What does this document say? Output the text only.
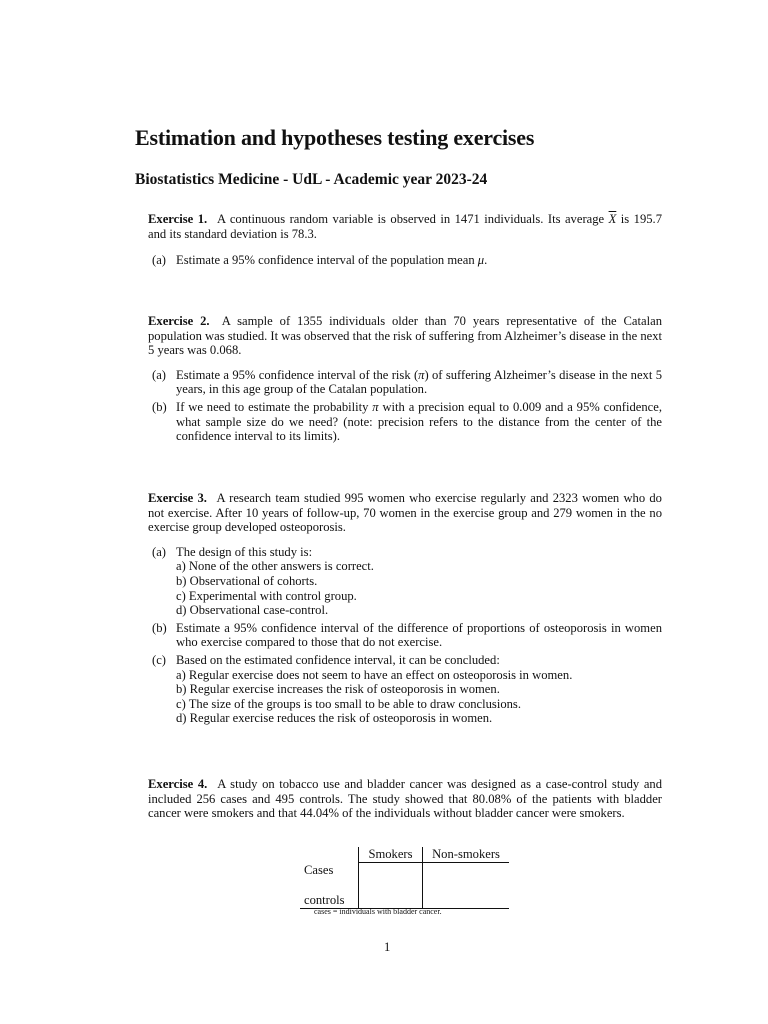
Estimation and hypotheses testing exercises
Biostatistics Medicine - UdL - Academic year 2023-24
Exercise 1. A continuous random variable is observed in 1471 individuals. Its average $\overline{X}$ is 195.7 and its standard deviation is 78.3.
(a) Estimate a 95% confidence interval of the population mean μ.
Exercise 2. A sample of 1355 individuals older than 70 years representative of the Catalan population was studied. It was observed that the risk of suffering from Alzheimer’s disease in the next 5 years was 0.068.
(a) Estimate a 95% confidence interval of the risk (π) of suffering Alzheimer’s disease in the next 5 years, in this age group of the Catalan population.
(b) If we need to estimate the probability π with a precision equal to 0.009 and a 95% confidence, what sample size do we need? (note: precision refers to the distance from the center of the confidence interval to its limits).
Exercise 3. A research team studied 995 women who exercise regularly and 2323 women who do not exercise. After 10 years of follow-up, 70 women in the exercise group and 279 women in the no exercise group developed osteoporosis.
(a) The design of this study is:
a) None of the other answers is correct.
b) Observational of cohorts.
c) Experimental with control group.
d) Observational case-control.
(b) Estimate a 95% confidence interval of the difference of proportions of osteoporosis in women who exercise compared to those that do not exercise.
(c) Based on the estimated confidence interval, it can be concluded:
a) Regular exercise does not seem to have an effect on osteoporosis in women.
b) Regular exercise increases the risk of osteoporosis in women.
c) The size of the groups is too small to be able to draw conclusions.
d) Regular exercise reduces the risk of osteoporosis in women.
Exercise 4. A study on tobacco use and bladder cancer was designed as a case-control study and included 256 cases and 495 controls. The study showed that 80.08% of the patients with bladder cancer were smokers and that 44.04% of the individuals without bladder cancer were smokers.
	Smokers	Non-smokers
Cases		

controls		
cases = individuals with bladder cancer.
1
